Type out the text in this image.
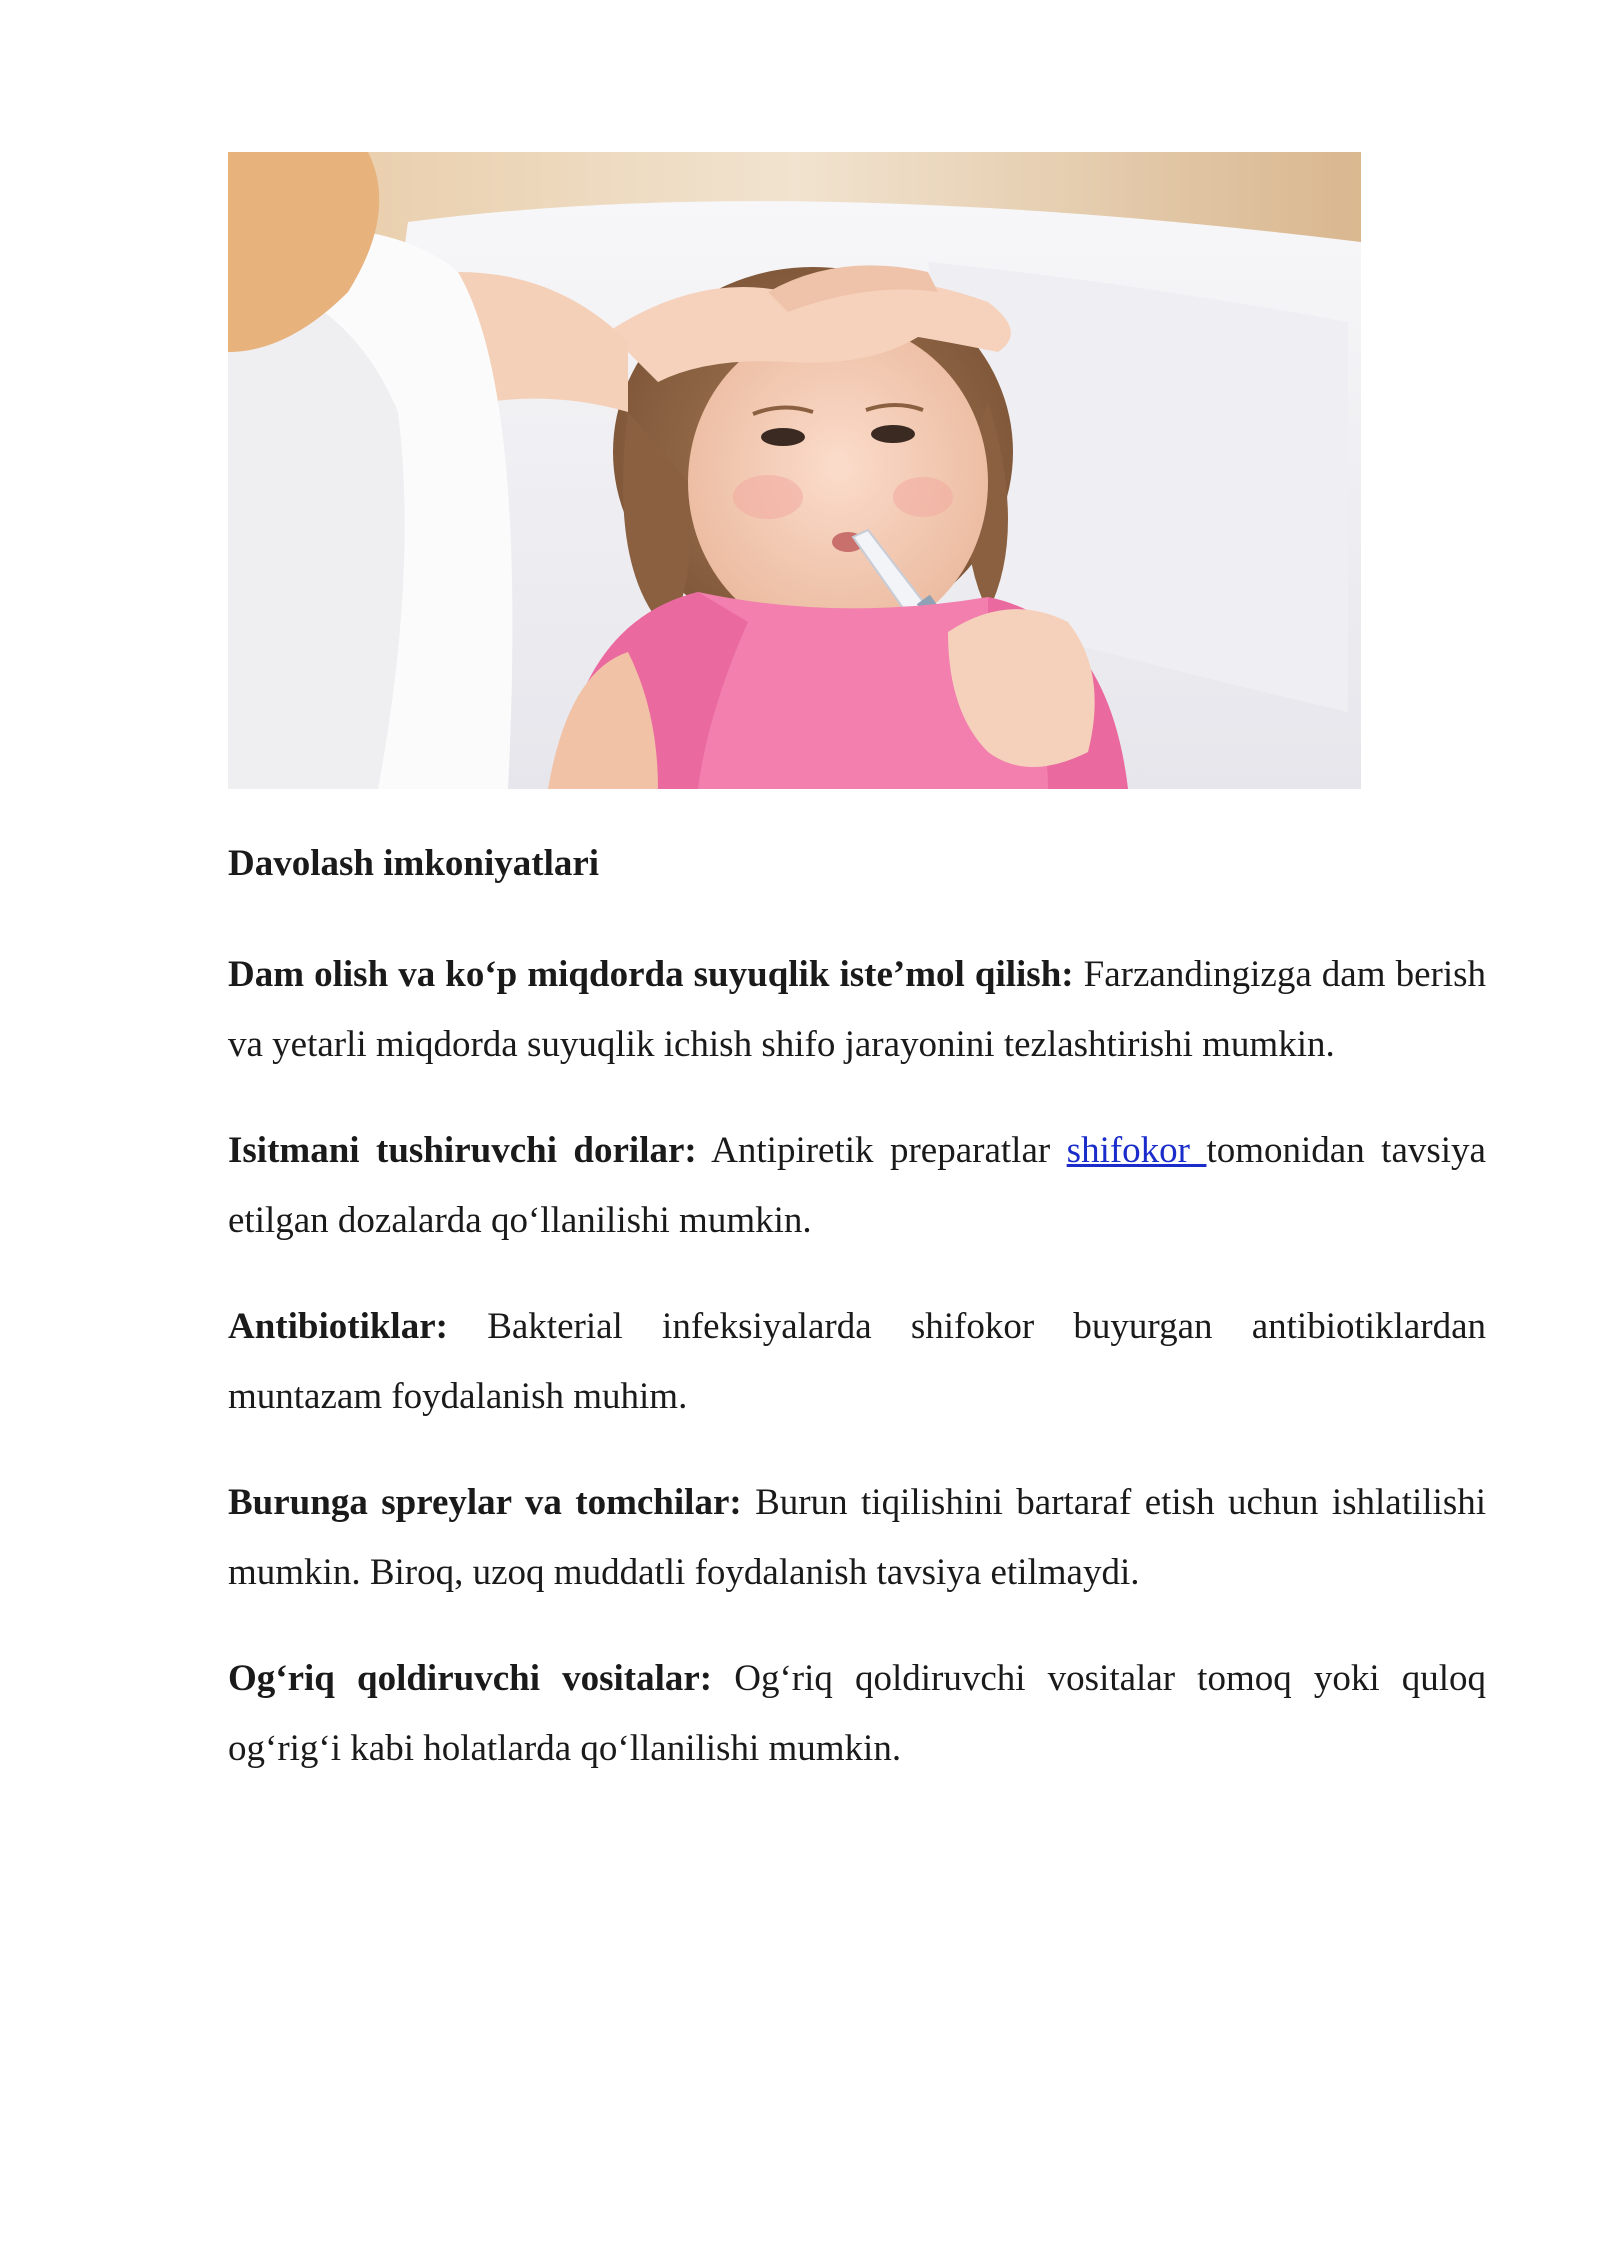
Davolash imkoniyatlari

Dam olish va ko‘p miqdorda suyuqlik iste’mol qilish: Farzandingizga dam berish va yetarli miqdorda suyuqlik ichish shifo jarayonini tezlashtirishi mumkin.

Isitmani tushiruvchi dorilar: Antipiretik preparatlar shifokor tomonidan tavsiya etilgan dozalarda qo‘llanilishi mumkin.

Antibiotiklar: Bakterial infeksiyalarda shifokor buyurgan antibiotiklardan muntazam foydalanish muhim.

Burunga spreylar va tomchilar: Burun tiqilishini bartaraf etish uchun ishlatilishi mumkin. Biroq, uzoq muddatli foydalanish tavsiya etilmaydi.

Og‘riq qoldiruvchi vositalar: Og‘riq qoldiruvchi vositalar tomoq yoki quloq og‘rig‘i kabi holatlarda qo‘llanilishi mumkin.
